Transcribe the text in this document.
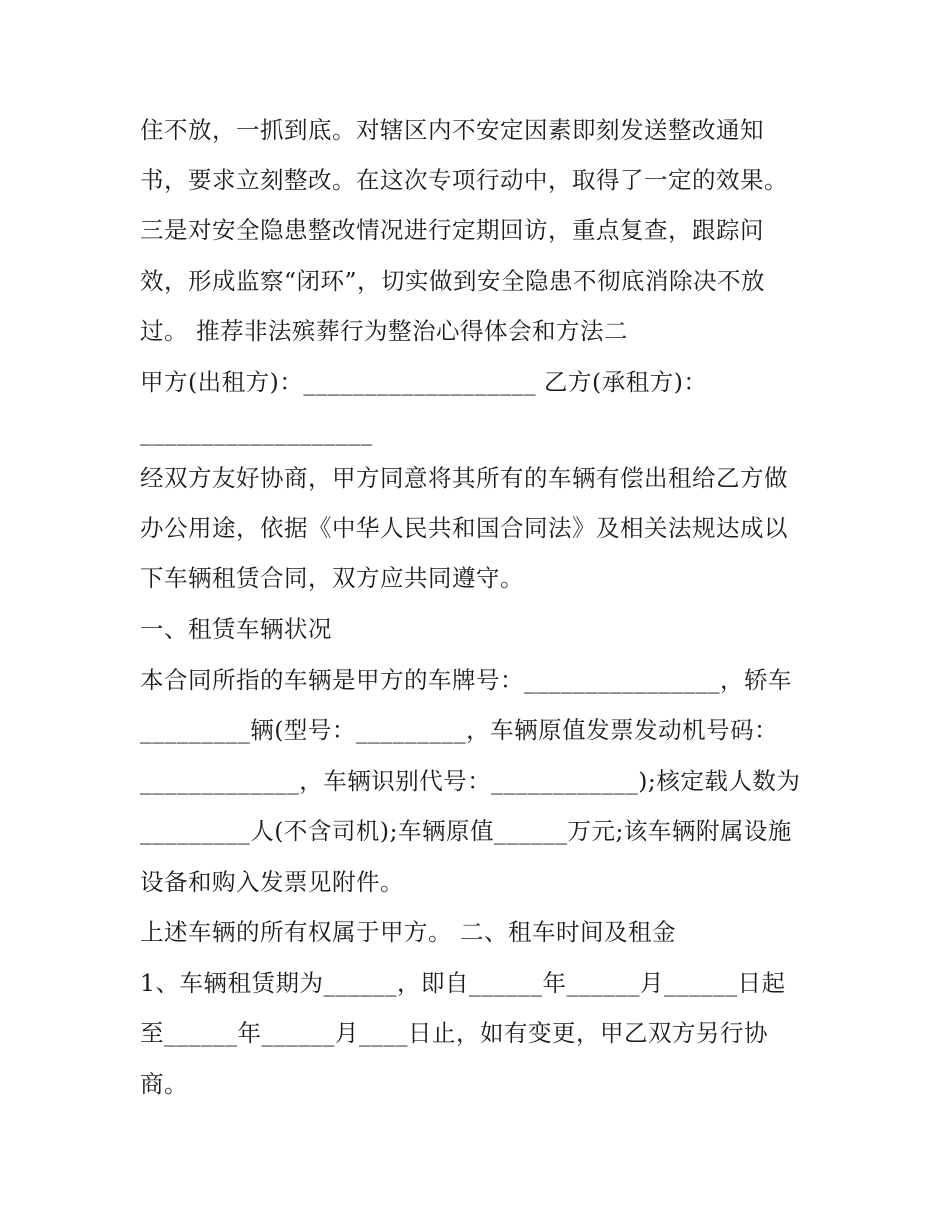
住不放，一抓到底。对辖区内不安定因素即刻发送整改通知
书，要求立刻整改。在这次专项行动中，取得了一定的效果。
三是对安全隐患整改情况进行定期回访，重点复查，跟踪问
效，形成监察“闭环”，切实做到安全隐患不彻底消除决不放
过。 推荐非法殡葬行为整治心得体会和方法二
甲方(出租方)：___________________ 乙方(承租方)：
___________________
经双方友好协商，甲方同意将其所有的车辆有偿出租给乙方做
办公用途，依据《中华人民共和国合同法》及相关法规达成以
下车辆租赁合同，双方应共同遵守。
一、租赁车辆状况
本合同所指的车辆是甲方的车牌号：________________，轿车
_________辆(型号：_________，车辆原值发票发动机号码：
_____________，车辆识别代号：____________);核定载人数为
_________人(不含司机);车辆原值______万元;该车辆附属设施
设备和购入发票见附件。
上述车辆的所有权属于甲方。 二、租车时间及租金
1、车辆租赁期为______，即自______年______月______日起
至______年______月____日止，如有变更，甲乙双方另行协
商。
